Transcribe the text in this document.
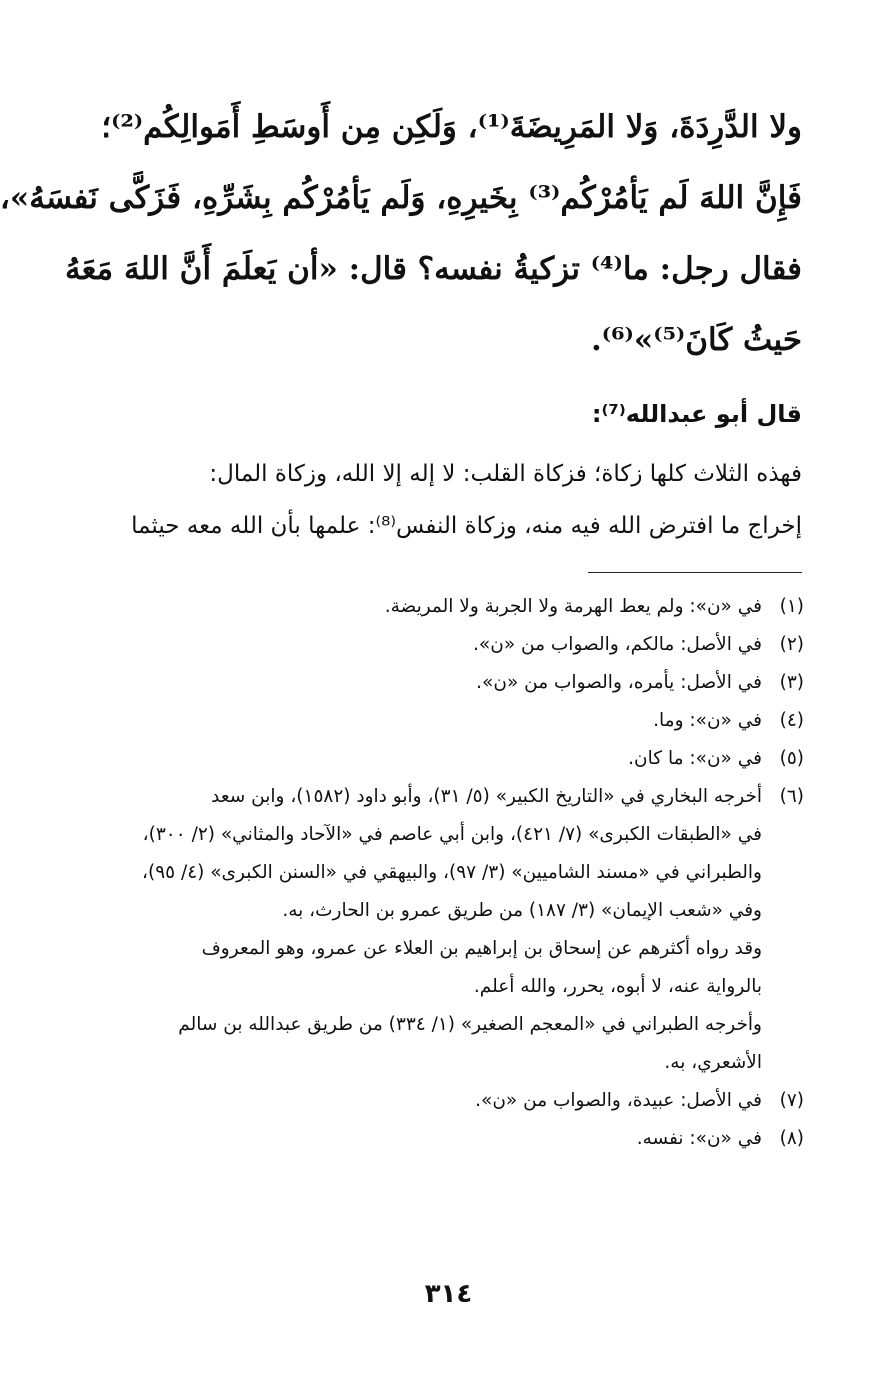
ولا الدَّرِدَةَ، وَلا المَرِيضَةَ⁽¹⁾، وَلَكِن مِن أَوسَطِ أَمَوالِكُم⁽²⁾؛
فَإِنَّ اللهَ لَم يَأمُرْكُم⁽³⁾ بِخَيرِهِ، وَلَم يَأمُرْكُم بِشَرِّهِ، فَزَكَّى نَفسَهُ»،
فقال رجل: ما⁽⁴⁾ تزكيةُ نفسه؟ قال: «أن يَعلَمَ أَنَّ اللهَ مَعَهُ
حَيثُ كَانَ⁽⁵⁾»⁽⁶⁾.
قال أبو عبدالله⁽⁷⁾:
فهذه الثلاث كلها زكاة؛ فزكاة القلب: لا إله إلا الله، وزكاة المال:
إخراج ما افترض الله فيه منه، وزكاة النفس⁽⁸⁾: علمها بأن الله معه حيثما
(١)
في «ن»: ولم يعط الهرمة ولا الجربة ولا المريضة.
(٢)
في الأصل: مالكم، والصواب من «ن».
(٣)
في الأصل: يأمره، والصواب من «ن».
(٤)
في «ن»: وما.
(٥)
في «ن»: ما كان.
(٦)
أخرجه البخاري في «التاريخ الكبير» (٥/ ٣١)، وأبو داود (١٥٨٢)، وابن سعد
في «الطبقات الكبرى» (٧/ ٤٢١)، وابن أبي عاصم في «الآحاد والمثاني» (٢/ ٣٠٠)،
والطبراني في «مسند الشاميين» (٣/ ٩٧)، والبيهقي في «السنن الكبرى» (٤/ ٩٥)،
وفي «شعب الإيمان» (٣/ ١٨٧) من طريق عمرو بن الحارث، به.
وقد رواه أكثرهم عن إسحاق بن إبراهيم بن العلاء عن عمرو، وهو المعروف
بالرواية عنه، لا أبوه، يحرر، والله أعلم.
وأخرجه الطبراني في «المعجم الصغير» (١/ ٣٣٤) من طريق عبدالله بن سالم
الأشعري، به.
(٧)
في الأصل: عبيدة، والصواب من «ن».
(٨)
في «ن»: نفسه.
٣١٤
